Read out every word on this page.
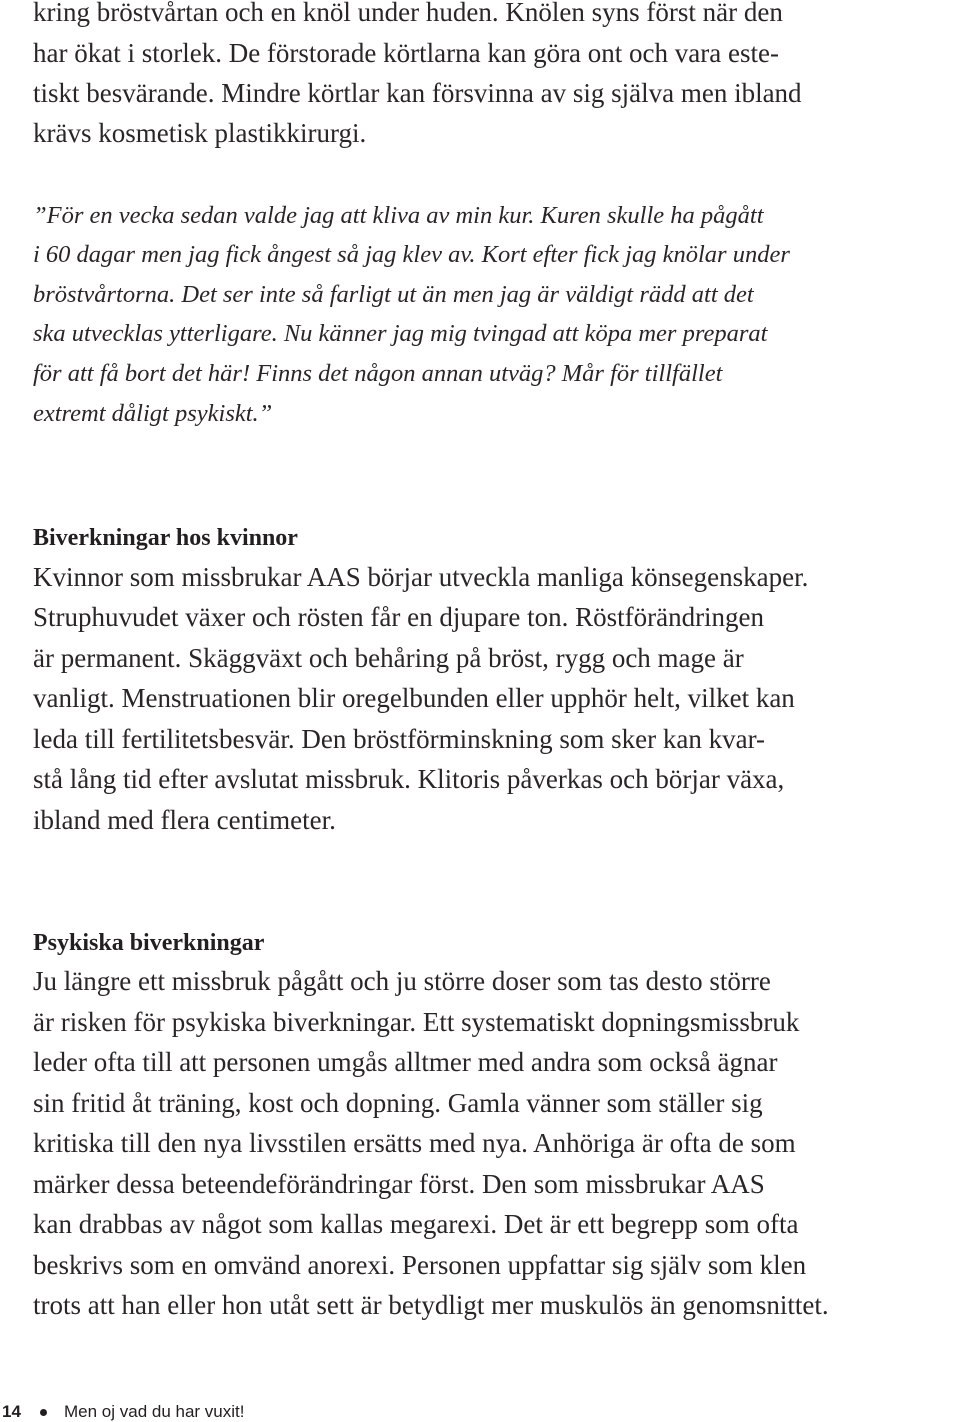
kring bröstvårtan och en knöl under huden. Knölen syns först när den
har ökat i storlek. De förstorade körtlarna kan göra ont och vara este-
tiskt besvärande. Mindre körtlar kan försvinna av sig själva men ibland
krävs kosmetisk plastikkirurgi.
”För en vecka sedan valde jag att kliva av min kur. Kuren skulle ha pågått
i 60 dagar men jag fick ångest så jag klev av. Kort efter fick jag knölar under
bröstvårtorna. Det ser inte så farligt ut än men jag är väldigt rädd att det
ska utvecklas ytterligare. Nu känner jag mig tvingad att köpa mer preparat
för att få bort det här! Finns det någon annan utväg? Mår för tillfället
extremt dåligt psykiskt.”
Biverkningar hos kvinnor
Kvinnor som missbrukar AAS börjar utveckla manliga könsegenskaper.
Struphuvudet växer och rösten får en djupare ton. Röstförändringen
är permanent. Skäggväxt och behåring på bröst, rygg och mage är
vanligt. Menstruationen blir oregelbunden eller upphör helt, vilket kan
leda till fertilitetsbesvär. Den bröstförminskning som sker kan kvar-
stå lång tid efter avslutat missbruk. Klitoris påverkas och börjar växa,
ibland med flera centimeter.
Psykiska biverkningar
Ju längre ett missbruk pågått och ju större doser som tas desto större
är risken för psykiska biverkningar. Ett systematiskt dopningsmissbruk
leder ofta till att personen umgås alltmer med andra som också ägnar
sin fritid åt träning, kost och dopning. Gamla vänner som ställer sig
kritiska till den nya livsstilen ersätts med nya. Anhöriga är ofta de som
märker dessa beteendeförändringar först. Den som missbrukar AAS
kan drabbas av något som kallas megarexi. Det är ett begrepp som ofta
beskrivs som en omvänd anorexi. Personen uppfattar sig själv som klen
trots att han eller hon utåt sett är betydligt mer muskulös än genomsnittet.
14	Men oj vad du har vuxit!
